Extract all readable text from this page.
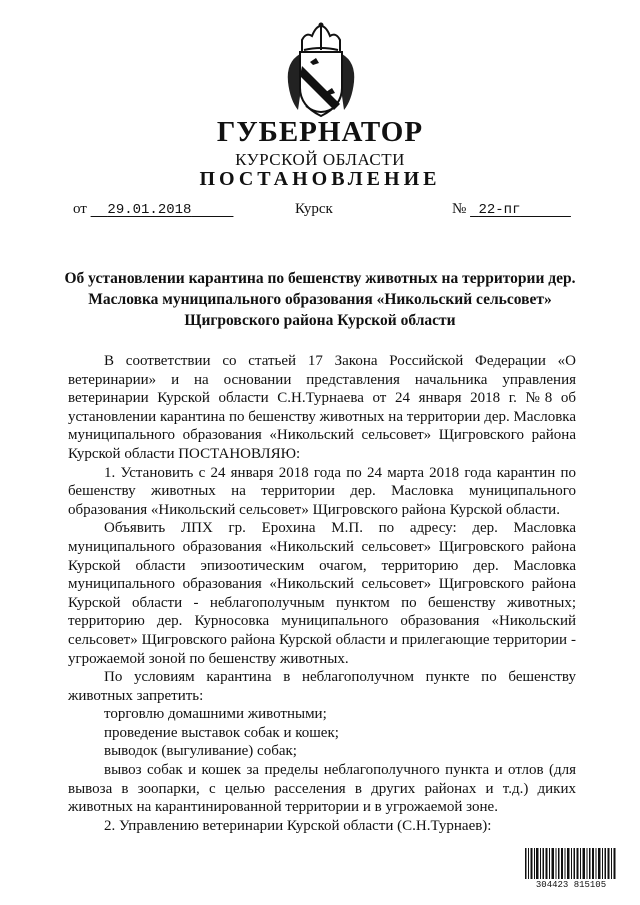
ГУБЕРНАТОР
КУРСКОЙ ОБЛАСТИ
ПОСТАНОВЛЕНИЕ
от 29.01.2018	Курск	№ 22-пг
Об установлении карантина по бешенству животных на территории дер. Масловка муниципального образования «Никольский сельсовет» Щигровского района Курской области

В соответствии со статьей 17 Закона Российской Федерации «О ветеринарии» и на основании представления начальника управления ветеринарии Курской области С.Н.Турнаева от 24 января 2018 г. №8 об установлении карантина по бешенству животных на территории дер. Масловка муниципального образования «Никольский сельсовет» Щигровского района Курской области ПОСТАНОВЛЯЮ:

1. Установить с 24 января 2018 года по 24 марта 2018 года карантин по бешенству животных на территории дер. Масловка муниципального образования «Никольский сельсовет» Щигровского района Курской области.

Объявить ЛПХ гр. Ерохина М.П. по адресу: дер. Масловка муниципального образования «Никольский сельсовет» Щигровского района Курской области эпизоотическим очагом, территорию дер. Масловка муниципального образования «Никольский сельсовет» Щигровского района Курской области - неблагополучным пунктом по бешенству животных; территорию дер. Курносовка муниципального образования «Никольский сельсовет» Щигровского района Курской области и прилегающие территории - угрожаемой зоной по бешенству животных.

По условиям карантина в неблагополучном пункте по бешенству животных запретить:

торговлю домашними животными;

проведение выставок собак и кошек;

выводок (выгуливание) собак;

вывоз собак и кошек за пределы неблагополучного пункта и отлов (для вывоза в зоопарки, с целью расселения в других районах и т.д.) диких животных на карантинированной территории и в угрожаемой зоне.

2. Управлению ветеринарии Курской области (С.Н.Турнаев):

304423 815105
